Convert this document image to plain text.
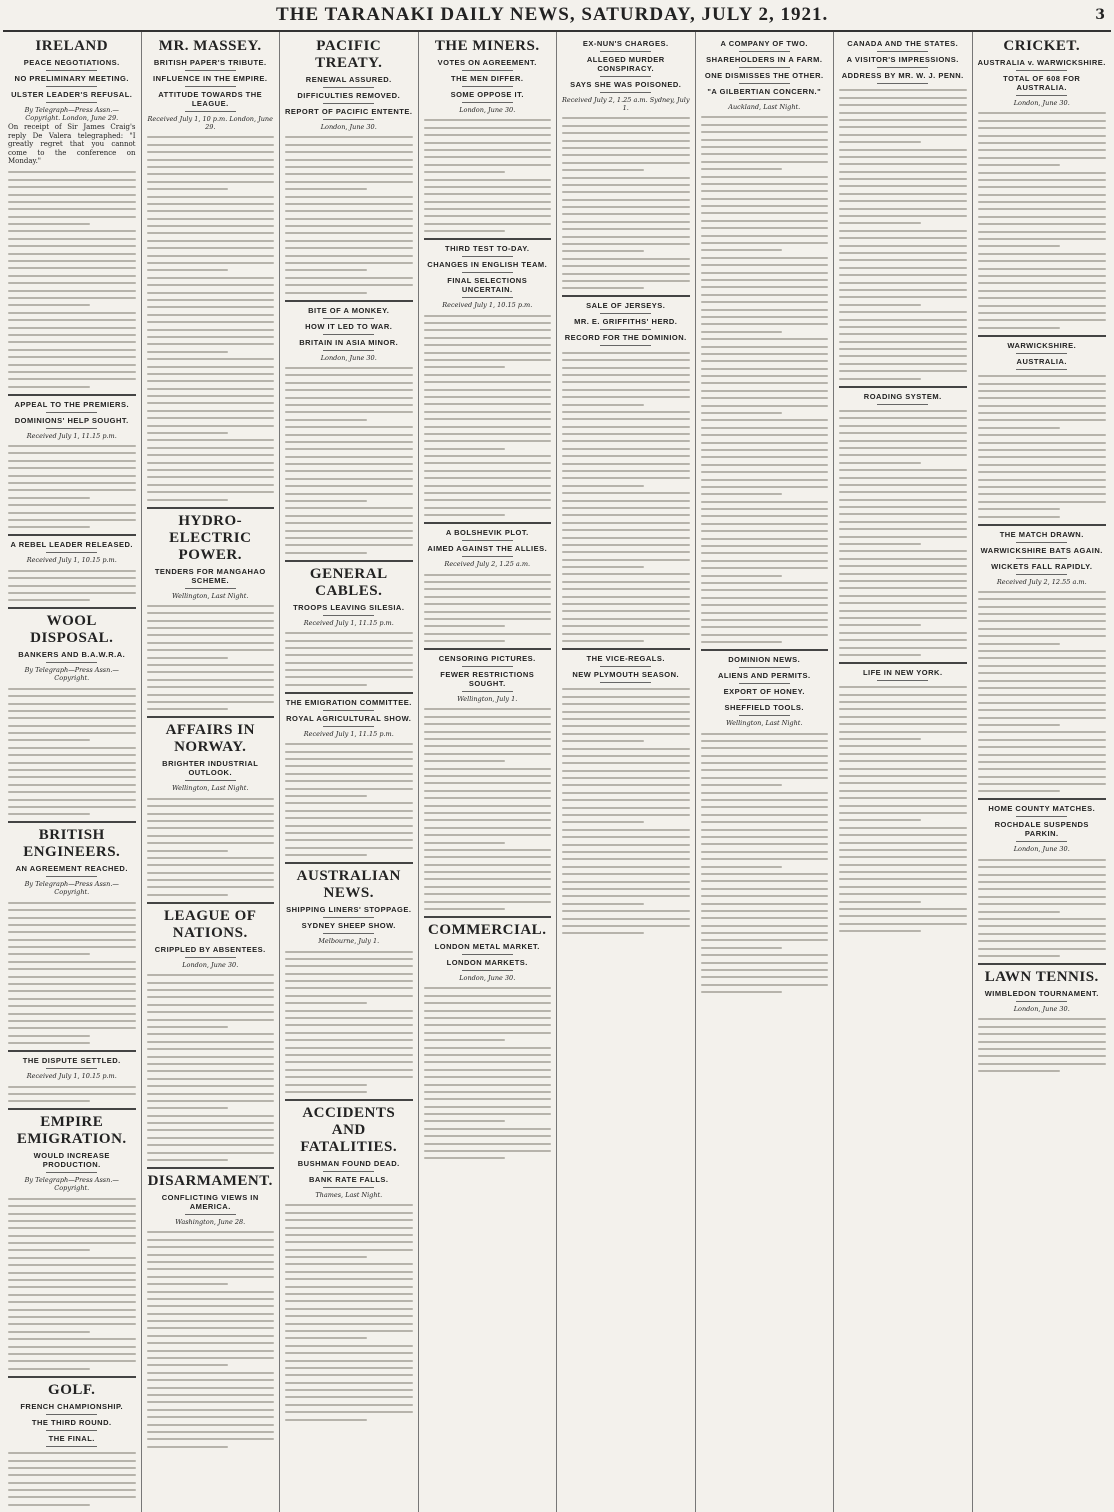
THE TARANAKI DAILY NEWS, SATURDAY, JULY 2, 1921.	3
IRELAND
PEACE NEGOTIATIONS.
NO PRELIMINARY MEETING.
ULSTER LEADER'S REFUSAL.
By Telegraph—Press Assn.—Copyright. London, June 29.

On receipt of Sir James Craig's reply De Valera telegraphed: "I greatly regret that you cannot come to the conference on Monday."

APPEAL TO THE PREMIERS.
DOMINIONS' HELP SOUGHT.
Received July 1, 11.15 p.m.
A REBEL LEADER RELEASED.
Received July 1, 10.15 p.m.
WOOL DISPOSAL.
BANKERS AND B.A.W.R.A.
By Telegraph—Press Assn.—Copyright.
BRITISH ENGINEERS.
AN AGREEMENT REACHED.
By Telegraph—Press Assn.—Copyright.
THE DISPUTE SETTLED.
Received July 1, 10.15 p.m.
EMPIRE EMIGRATION.
WOULD INCREASE PRODUCTION.
By Telegraph—Press Assn.—Copyright.
GOLF.
FRENCH CHAMPIONSHIP.
THE THIRD ROUND.
THE FINAL.
MR. MASSEY.
BRITISH PAPER'S TRIBUTE.
INFLUENCE IN THE EMPIRE.
ATTITUDE TOWARDS THE LEAGUE.
Received July 1, 10 p.m. London, June 29.
HYDRO-ELECTRIC POWER.
TENDERS FOR MANGAHAO SCHEME.
Wellington, Last Night.
AFFAIRS IN NORWAY.
BRIGHTER INDUSTRIAL OUTLOOK.
Wellington, Last Night.
LEAGUE OF NATIONS.
CRIPPLED BY ABSENTEES.
London, June 30.
DISARMAMENT.
CONFLICTING VIEWS IN AMERICA.
Washington, June 28.
PACIFIC TREATY.
RENEWAL ASSURED.
DIFFICULTIES REMOVED.
REPORT OF PACIFIC ENTENTE.
London, June 30.
BITE OF A MONKEY.
HOW IT LED TO WAR.
BRITAIN IN ASIA MINOR.
London, June 30.
GENERAL CABLES.
TROOPS LEAVING SILESIA.
Received July 1, 11.15 p.m.
THE EMIGRATION COMMITTEE.
ROYAL AGRICULTURAL SHOW.
Received July 1, 11.15 p.m.
AUSTRALIAN NEWS.
SHIPPING LINERS' STOPPAGE.
SYDNEY SHEEP SHOW.
Melbourne, July 1.
ACCIDENTS AND FATALITIES.
BUSHMAN FOUND DEAD.
BANK RATE FALLS.
Thames, Last Night.
THE MINERS.
VOTES ON AGREEMENT.
THE MEN DIFFER.
SOME OPPOSE IT.
London, June 30.
THIRD TEST TO-DAY.
CHANGES IN ENGLISH TEAM.
FINAL SELECTIONS UNCERTAIN.
Received July 1, 10.15 p.m.
A BOLSHEVIK PLOT.
AIMED AGAINST THE ALLIES.
Received July 2, 1.25 a.m.
CENSORING PICTURES.
FEWER RESTRICTIONS SOUGHT.
Wellington, July 1.
COMMERCIAL.
LONDON METAL MARKET.
LONDON MARKETS.
London, June 30.
EX-NUN'S CHARGES.
ALLEGED MURDER CONSPIRACY.
SAYS SHE WAS POISONED.
Received July 2, 1.25 a.m. Sydney, July 1.
SALE OF JERSEYS.
MR. E. GRIFFITHS' HERD.
RECORD FOR THE DOMINION.
THE VICE-REGALS.
NEW PLYMOUTH SEASON.
A COMPANY OF TWO.
SHAREHOLDERS IN A FARM.
ONE DISMISSES THE OTHER.
"A GILBERTIAN CONCERN."
Auckland, Last Night.
DOMINION NEWS.
ALIENS AND PERMITS.
EXPORT OF HONEY.
SHEFFIELD TOOLS.
Wellington, Last Night.
CANADA AND THE STATES.
A VISITOR'S IMPRESSIONS.
ADDRESS BY MR. W. J. PENN.
ROADING SYSTEM.
LIFE IN NEW YORK.
CRICKET.
AUSTRALIA v. WARWICKSHIRE.
TOTAL OF 608 FOR AUSTRALIA.
London, June 30.
WARWICKSHIRE.
AUSTRALIA.
THE MATCH DRAWN.
WARWICKSHIRE BATS AGAIN.
WICKETS FALL RAPIDLY.
Received July 2, 12.55 a.m.
HOME COUNTY MATCHES.
ROCHDALE SUSPENDS PARKIN.
London, June 30.
LAWN TENNIS.
WIMBLEDON TOURNAMENT.
London, June 30.
